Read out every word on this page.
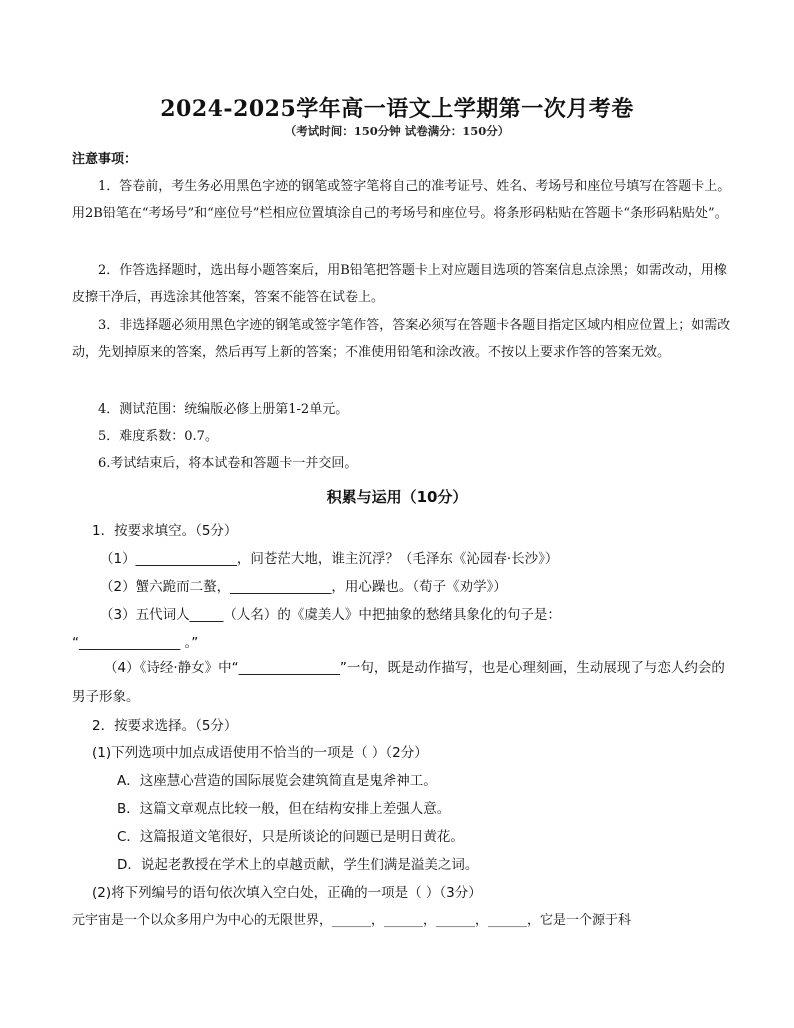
2024-2025学年高一语文上学期第一次月考卷
（考试时间：150分钟 试卷满分：150分）
注意事项：
1．答卷前，考生务必用黑色字迹的钢笔或签字笔将自己的准考证号、姓名、考场号和座位号填写在答题卡上。用2B铅笔在“考场号”和“座位号”栏相应位置填涂自己的考场号和座位号。将条形码粘贴在答题卡“条形码粘贴处”。
2．作答选择题时，选出每小题答案后，用B铅笔把答题卡上对应题目选项的答案信息点涂黑；如需改动，用橡皮擦干净后，再选涂其他答案，答案不能答在试卷上。
3．非选择题必须用黑色字迹的钢笔或签字笔作答，答案必须写在答题卡各题目指定区域内相应位置上；如需改动，先划掉原来的答案，然后再写上新的答案；不准使用铅笔和涂改液。不按以上要求作答的答案无效。
4．测试范围：统编版必修上册第1-2单元。
5．难度系数：0.7。
6.考试结束后，将本试卷和答题卡一并交回。
积累与运用（10分）
1．按要求填空。（5分）
（1）_______________，问苍茫大地，谁主沉浮？（毛泽东《沁园春·长沙》）
（2）蟹六跪而二螯，_______________，用心躁也。（荀子《劝学》）
（3）五代词人_____（人名）的《虞美人》中把抽象的愁绪具象化的句子是：
“_______________ 。”
（4）《诗经·静女》中“_______________”一句，既是动作描写，也是心理刻画，生动展现了与恋人约会的男子形象。
2．按要求选择。（5分）
(1)下列选项中加点成语使用不恰当的一项是（ ）（2分）
A．这座慧心营造的国际展览会建筑简直是鬼斧神工。
B．这篇文章观点比较一般，但在结构安排上差强人意。
C．这篇报道文笔很好，只是所谈论的问题已是明日黄花。
D．说起老教授在学术上的卓越贡献，学生们满是溢美之词。
(2)将下列编号的语句依次填入空白处，正确的一项是（ ）（3分）
元宇宙是一个以众多用户为中心的无限世界，______，______，______，______，它是一个源于科
